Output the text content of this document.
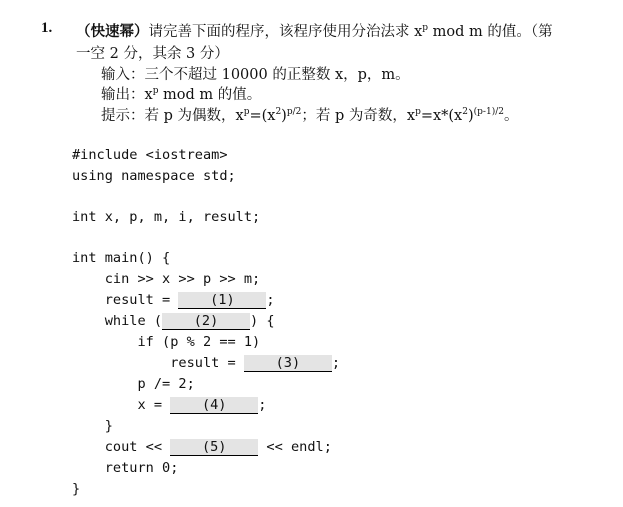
1. （快速幂）请完善下面的程序，该程序使用分治法求 $x^p$ mod m 的值。（第
一空 2 分，其余 3 分）
输入：三个不超过 10000 的正整数 x，p，m。
输出：$x^p$ mod m 的值。
提示：若 p 为偶数，$x^p=(x^2)^{p/2}$；若 p 为奇数，$x^p=x*(x^2)^{(p-1)/2}$。
#include <iostream>
using namespace std;
int x, p, m, i, result;
int main() {
cin >> x >> p >> m;
result = (1) ;
while ( (2) ) {
if (p % 2 == 1)
result = (3) ;
p /= 2;
x = (4) ;
}
cout << (5) << endl;
return 0;
}
